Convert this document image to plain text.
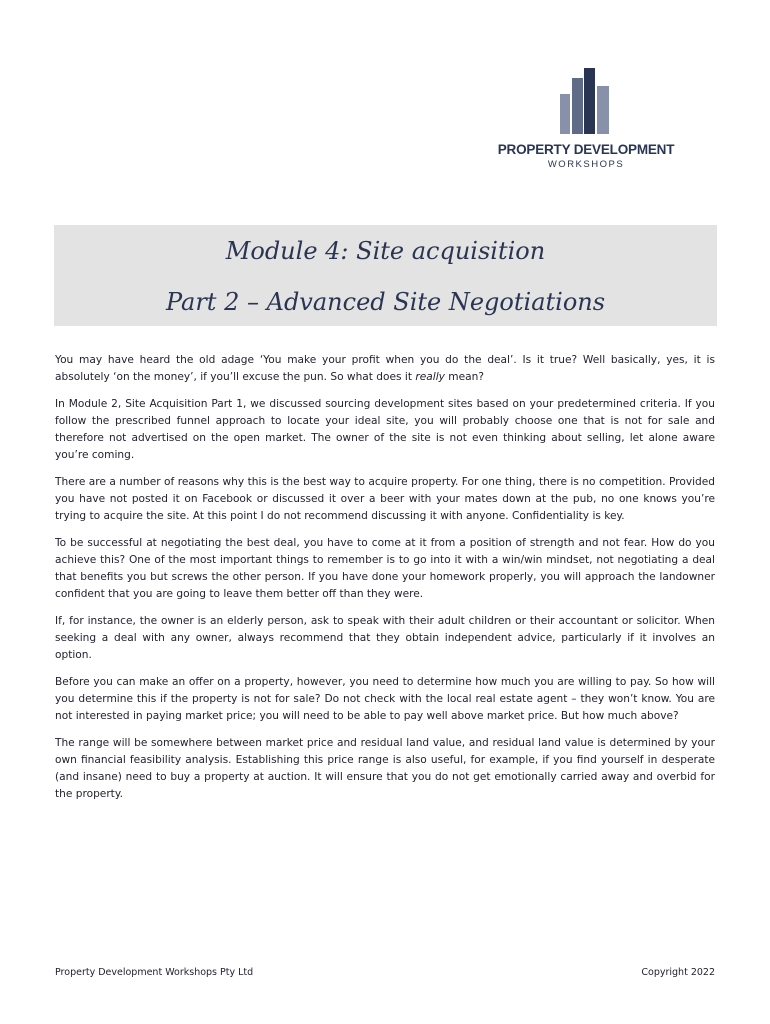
PROPERTY DEVELOPMENT
WORKSHOPS
Module 4: Site acquisition
Part 2 – Advanced Site Negotiations

You may have heard the old adage ‘You make your profit when you do the deal’. Is it true? Well basically, yes, it is absolutely ‘on the money’, if you’ll excuse the pun. So what does it really mean?

In Module 2, Site Acquisition Part 1, we discussed sourcing development sites based on your predetermined criteria. If you follow the prescribed funnel approach to locate your ideal site, you will probably choose one that is not for sale and therefore not advertised on the open market. The owner of the site is not even thinking about selling, let alone aware you’re coming.

There are a number of reasons why this is the best way to acquire property. For one thing, there is no competition. Provided you have not posted it on Facebook or discussed it over a beer with your mates down at the pub, no one knows you’re trying to acquire the site. At this point I do not recommend discussing it with anyone. Confidentiality is key.

To be successful at negotiating the best deal, you have to come at it from a position of strength and not fear. How do you achieve this? One of the most important things to remember is to go into it with a win/win mindset, not negotiating a deal that benefits you but screws the other person. If you have done your homework properly, you will approach the landowner confident that you are going to leave them better off than they were.

If, for instance, the owner is an elderly person, ask to speak with their adult children or their accountant or solicitor. When seeking a deal with any owner, always recommend that they obtain independent advice, particularly if it involves an option.

Before you can make an offer on a property, however, you need to determine how much you are willing to pay. So how will you determine this if the property is not for sale? Do not check with the local real estate agent – they won’t know. You are not interested in paying market price; you will need to be able to pay well above market price. But how much above?

The range will be somewhere between market price and residual land value, and residual land value is determined by your own financial feasibility analysis. Establishing this price range is also useful, for example, if you find yourself in desperate (and insane) need to buy a property at auction. It will ensure that you do not get emotionally carried away and overbid for the property.

Property Development Workshops Pty Ltd	Copyright 2022
